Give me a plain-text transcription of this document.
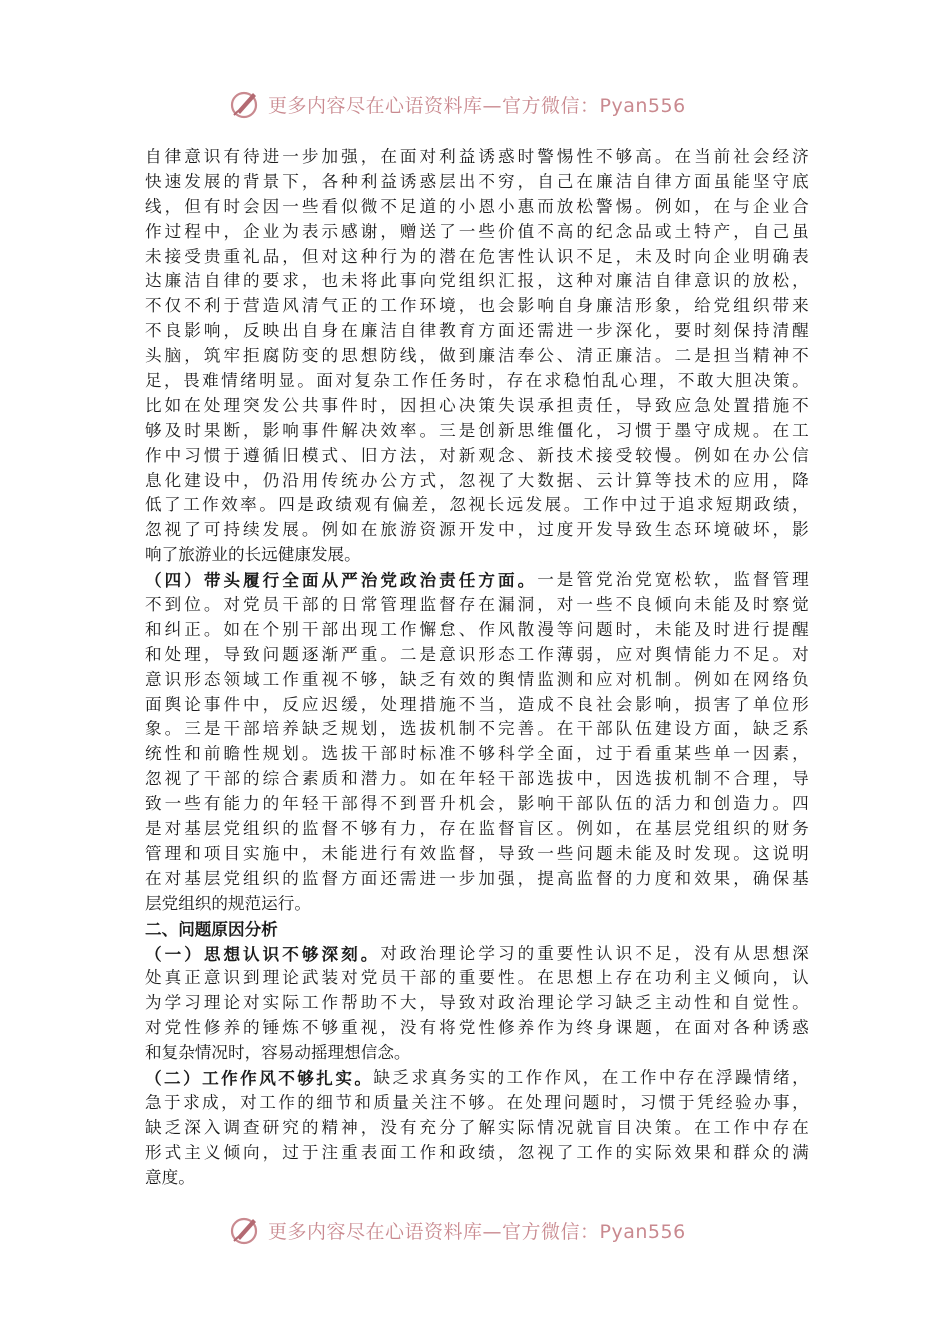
更多内容尽在心语资料库—官方微信：Pyan556
自 律 意 识 有 待 进 一 步 加 强 ， 在 面 对 利 益 诱 惑 时 警 惕 性 不 够 高 。 在 当 前 社 会 经 济
快 速 发 展 的 背 景 下 ， 各 种 利 益 诱 惑 层 出 不 穷 ， 自 己 在 廉 洁 自 律 方 面 虽 能 坚 守 底
线 ， 但 有 时 会 因 一 些 看 似 微 不 足 道 的 小 恩 小 惠 而 放 松 警 惕 。 例 如 ， 在 与 企 业 合
作 过 程 中 ， 企 业 为 表 示 感 谢 ， 赠 送 了 一 些 价 值 不 高 的 纪 念 品 或 土 特 产 ， 自 己 虽
未 接 受 贵 重 礼 品 ， 但 对 这 种 行 为 的 潜 在 危 害 性 认 识 不 足 ， 未 及 时 向 企 业 明 确 表
达 廉 洁 自 律 的 要 求 ， 也 未 将 此 事 向 党 组 织 汇 报 ， 这 种 对 廉 洁 自 律 意 识 的 放 松 ，
不 仅 不 利 于 营 造 风 清 气 正 的 工 作 环 境 ， 也 会 影 响 自 身 廉 洁 形 象 ， 给 党 组 织 带 来
不 良 影 响 ， 反 映 出 自 身 在 廉 洁 自 律 教 育 方 面 还 需 进 一 步 深 化 ， 要 时 刻 保 持 清 醒
头 脑 ， 筑 牢 拒 腐 防 变 的 思 想 防 线 ， 做 到 廉 洁 奉 公 、 清 正 廉 洁 。 二 是 担 当 精 神 不
足 ， 畏 难 情 绪 明 显 。 面 对 复 杂 工 作 任 务 时 ， 存 在 求 稳 怕 乱 心 理 ， 不 敢 大 胆 决 策 。
比 如 在 处 理 突 发 公 共 事 件 时 ， 因 担 心 决 策 失 误 承 担 责 任 ， 导 致 应 急 处 置 措 施 不
够 及 时 果 断 ， 影 响 事 件 解 决 效 率 。 三 是 创 新 思 维 僵 化 ， 习 惯 于 墨 守 成 规 。 在 工
作 中 习 惯 于 遵 循 旧 模 式 、 旧 方 法 ， 对 新 观 念 、 新 技 术 接 受 较 慢 。 例 如 在 办 公 信
息 化 建 设 中 ， 仍 沿 用 传 统 办 公 方 式 ， 忽 视 了 大 数 据 、 云 计 算 等 技 术 的 应 用 ， 降
低 了 工 作 效 率 。 四 是 政 绩 观 有 偏 差 ， 忽 视 长 远 发 展 。 工 作 中 过 于 追 求 短 期 政 绩 ，
忽 视 了 可 持 续 发 展 。 例 如 在 旅 游 资 源 开 发 中 ， 过 度 开 发 导 致 生 态 环 境 破 坏 ， 影
响 了 旅 游 业 的 长 远 健 康 发 展 。
（ 四 ） 带 头 履 行 全 面 从 严 治 党 政 治 责 任 方 面 。 一 是 管 党 治 党 宽 松 软 ， 监 督 管 理
不 到 位 。 对 党 员 干 部 的 日 常 管 理 监 督 存 在 漏 洞 ， 对 一 些 不 良 倾 向 未 能 及 时 察 觉
和 纠 正 。 如 在 个 别 干 部 出 现 工 作 懈 怠 、 作 风 散 漫 等 问 题 时 ， 未 能 及 时 进 行 提 醒
和 处 理 ， 导 致 问 题 逐 渐 严 重 。 二 是 意 识 形 态 工 作 薄 弱 ， 应 对 舆 情 能 力 不 足 。 对
意 识 形 态 领 域 工 作 重 视 不 够 ， 缺 乏 有 效 的 舆 情 监 测 和 应 对 机 制 。 例 如 在 网 络 负
面 舆 论 事 件 中 ， 反 应 迟 缓 ， 处 理 措 施 不 当 ， 造 成 不 良 社 会 影 响 ， 损 害 了 单 位 形
象 。 三 是 干 部 培 养 缺 乏 规 划 ， 选 拔 机 制 不 完 善 。 在 干 部 队 伍 建 设 方 面 ， 缺 乏 系
统 性 和 前 瞻 性 规 划 。 选 拔 干 部 时 标 准 不 够 科 学 全 面 ， 过 于 看 重 某 些 单 一 因 素 ，
忽 视 了 干 部 的 综 合 素 质 和 潜 力 。 如 在 年 轻 干 部 选 拔 中 ， 因 选 拔 机 制 不 合 理 ， 导
致 一 些 有 能 力 的 年 轻 干 部 得 不 到 晋 升 机 会 ， 影 响 干 部 队 伍 的 活 力 和 创 造 力 。 四
是 对 基 层 党 组 织 的 监 督 不 够 有 力 ， 存 在 监 督 盲 区 。 例 如 ， 在 基 层 党 组 织 的 财 务
管 理 和 项 目 实 施 中 ， 未 能 进 行 有 效 监 督 ， 导 致 一 些 问 题 未 能 及 时 发 现 。 这 说 明
在 对 基 层 党 组 织 的 监 督 方 面 还 需 进 一 步 加 强 ， 提 高 监 督 的 力 度 和 效 果 ， 确 保 基
层 党 组 织 的 规 范 运 行 。
二 、 问 题 原 因 分 析
（ 一 ） 思 想 认 识 不 够 深 刻 。 对 政 治 理 论 学 习 的 重 要 性 认 识 不 足 ， 没 有 从 思 想 深
处 真 正 意 识 到 理 论 武 装 对 党 员 干 部 的 重 要 性 。 在 思 想 上 存 在 功 利 主 义 倾 向 ， 认
为 学 习 理 论 对 实 际 工 作 帮 助 不 大 ， 导 致 对 政 治 理 论 学 习 缺 乏 主 动 性 和 自 觉 性 。
对 党 性 修 养 的 锤 炼 不 够 重 视 ， 没 有 将 党 性 修 养 作 为 终 身 课 题 ， 在 面 对 各 种 诱 惑
和 复 杂 情 况 时 ， 容 易 动 摇 理 想 信 念 。
（ 二 ） 工 作 作 风 不 够 扎 实 。 缺 乏 求 真 务 实 的 工 作 作 风 ， 在 工 作 中 存 在 浮 躁 情 绪 ，
急 于 求 成 ， 对 工 作 的 细 节 和 质 量 关 注 不 够 。 在 处 理 问 题 时 ， 习 惯 于 凭 经 验 办 事 ，
缺 乏 深 入 调 查 研 究 的 精 神 ， 没 有 充 分 了 解 实 际 情 况 就 盲 目 决 策 。 在 工 作 中 存 在
形 式 主 义 倾 向 ， 过 于 注 重 表 面 工 作 和 政 绩 ， 忽 视 了 工 作 的 实 际 效 果 和 群 众 的 满
意 度 。
更多内容尽在心语资料库—官方微信：Pyan556
